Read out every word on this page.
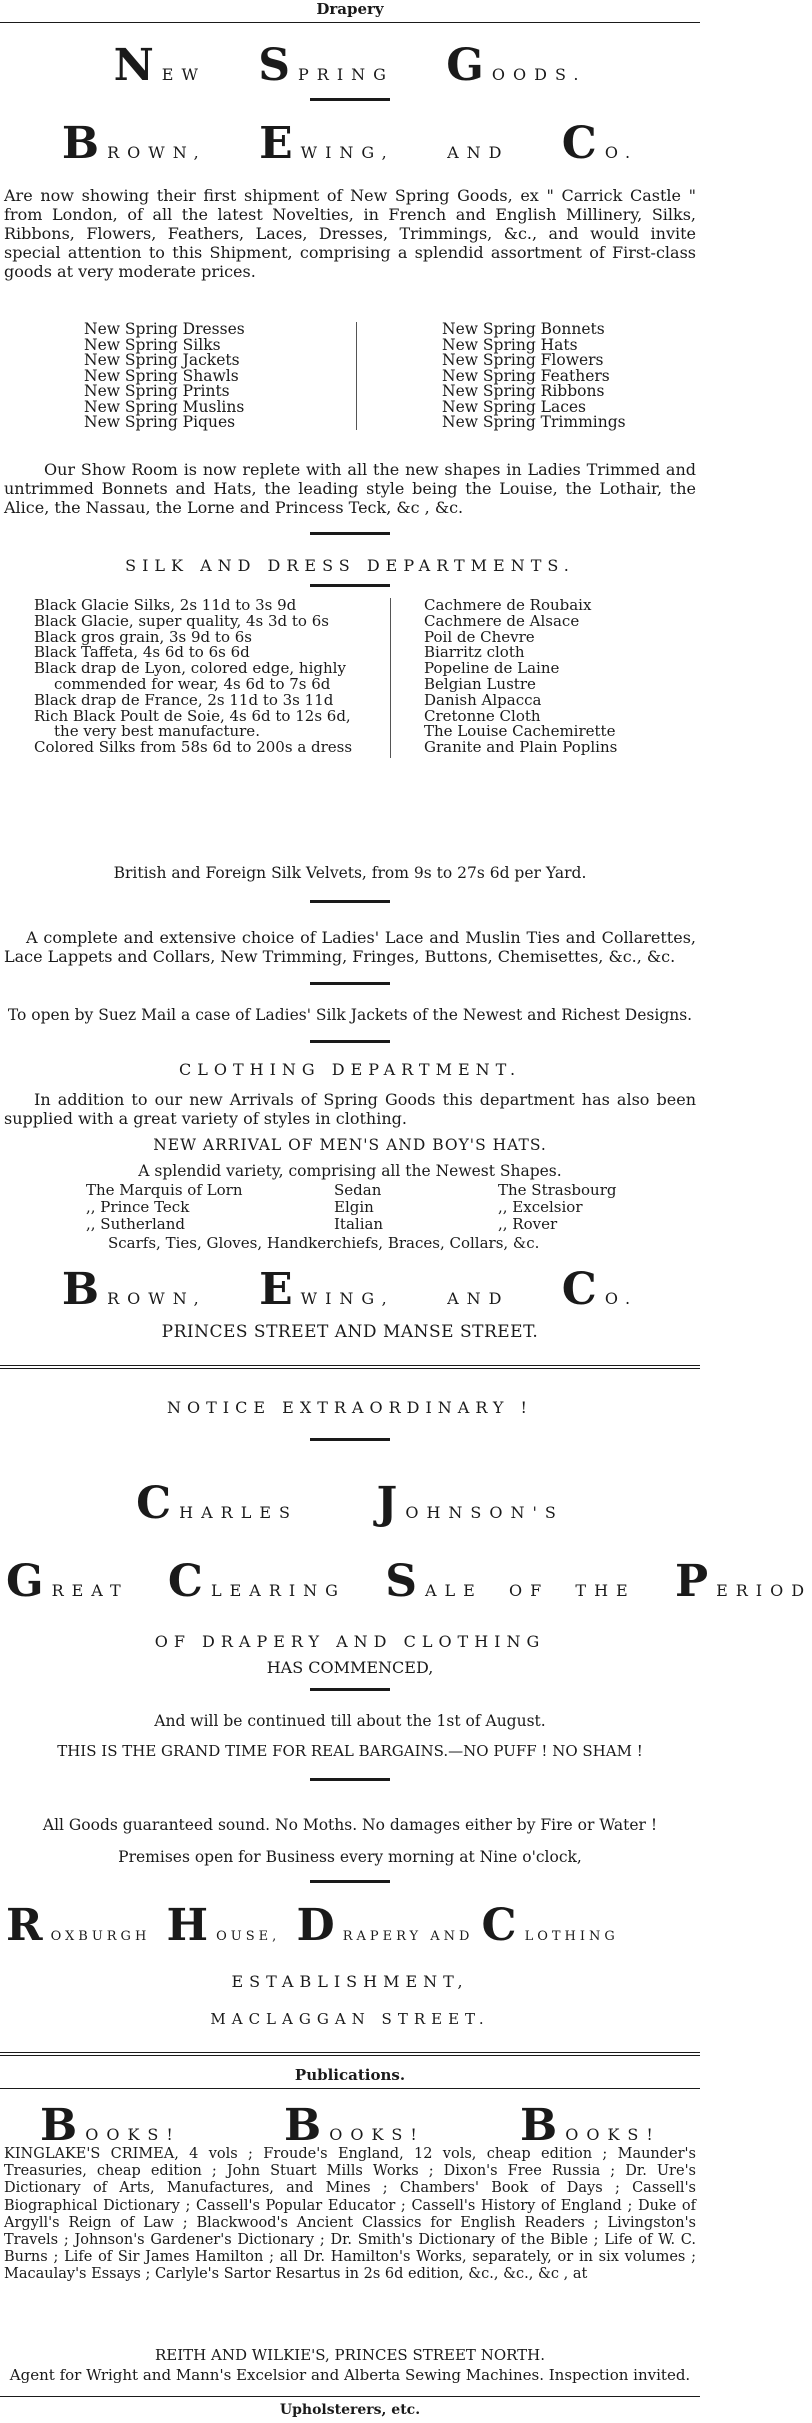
Drapery
NEW    SPRING    GOODS.
BROWN,    EWING,    AND    CO.
Are now showing their first shipment of New Spring Goods, ex " Carrick Castle " from London, of all the latest Novelties, in French and English Millinery, Silks, Ribbons, Flowers, Feathers, Laces, Dresses, Trimmings, &c., and would invite special attention to this Shipment, comprising a splendid assortment of First-class goods at very moderate prices.
New Spring Dresses
New Spring Silks
New Spring Jackets
New Spring Shawls
New Spring Prints
New Spring Muslins
New Spring Piques
New Spring Bonnets
New Spring Hats
New Spring Flowers
New Spring Feathers
New Spring Ribbons
New Spring Laces
New Spring Trimmings
Our Show Room is now replete with all the new shapes in Ladies Trimmed and untrimmed Bonnets and Hats, the leading style being the Louise, the Lothair, the Alice, the Nassau, the Lorne and Princess Teck, &c , &c.
SILK AND DRESS DEPARTMENTS.
Black Glacie Silks, 2s 11d to 3s 9d
Black Glacie, super quality, 4s 3d to 6s
Black gros grain, 3s 9d to 6s
Black Taffeta, 4s 6d to 6s 6d
Black drap de Lyon, colored edge, highly
commended for wear, 4s 6d to 7s 6d
Black drap de France, 2s 11d to 3s 11d
Rich Black Poult de Soie, 4s 6d to 12s 6d,
the very best manufacture.
Colored Silks from 58s 6d to 200s a dress
Cachmere de Roubaix
Cachmere de Alsace
Poil de Chevre
Biarritz cloth
Popeline de Laine
Belgian Lustre
Danish Alpacca
Cretonne Cloth
The Louise Cachemirette
Granite and Plain Poplins
British and Foreign Silk Velvets, from 9s to 27s 6d per Yard.
A complete and extensive choice of Ladies' Lace and Muslin Ties and Collarettes, Lace Lappets and Collars, New Trimming, Fringes, Buttons, Chemisettes, &c., &c.
To open by Suez Mail a case of Ladies' Silk Jackets of the Newest and Richest Designs.
CLOTHING DEPARTMENT.
In addition to our new Arrivals of Spring Goods this department has also been supplied with a great variety of styles in clothing.
NEW ARRIVAL OF MEN'S AND BOY'S HATS.
A splendid variety, comprising all the Newest Shapes.
The Marquis of Lorn
,, Prince Teck
,, Sutherland
Sedan
Elgin
Italian
The Strasbourg
,, Excelsior
,, Rover
Scarfs, Ties, Gloves, Handkerchiefs, Braces, Collars, &c.
BROWN,    EWING,    AND    CO.
PRINCES STREET AND MANSE STREET.
NOTICE EXTRAORDINARY !
CHARLES      JOHNSON'S
GREAT   CLEARING   SALE  OF  THE   PERIOD
OF DRAPERY AND CLOTHING
HAS COMMENCED,
And will be continued till about the 1st of August.
THIS IS THE GRAND TIME FOR REAL BARGAINS.—NO PUFF ! NO SHAM !
All Goods guaranteed sound. No Moths. No damages either by Fire or Water !
Premises open for Business every morning at Nine o'clock,
ROXBURGH  HOUSE,  DRAPERY AND CLOTHING
ESTABLISHMENT,
MACLAGGAN STREET.
Publications.
BOOKS! BOOKS! BOOKS!
KINGLAKE'S CRIMEA, 4 vols ; Froude's England, 12 vols, cheap edition ; Maunder's Treasuries, cheap edition ; John Stuart Mills Works ; Dixon's Free Russia ; Dr. Ure's Dictionary of Arts, Manufactures, and Mines ; Chambers' Book of Days ; Cassell's Biographical Dictionary ; Cassell's Popular Educator ; Cassell's History of England ; Duke of Argyll's Reign of Law ; Blackwood's Ancient Classics for English Readers ; Livingston's Travels ; Johnson's Gardener's Dictionary ; Dr. Smith's Dictionary of the Bible ; Life of W. C. Burns ; Life of Sir James Hamilton ; all Dr. Hamilton's Works, separately, or in six volumes ; Macaulay's Essays ; Carlyle's Sartor Resartus in 2s 6d edition, &c., &c., &c , at
REITH AND WILKIE'S, PRINCES STREET NORTH.
Agent for Wright and Mann's Excelsior and Alberta Sewing Machines. Inspection invited.
Upholsterers, etc.
